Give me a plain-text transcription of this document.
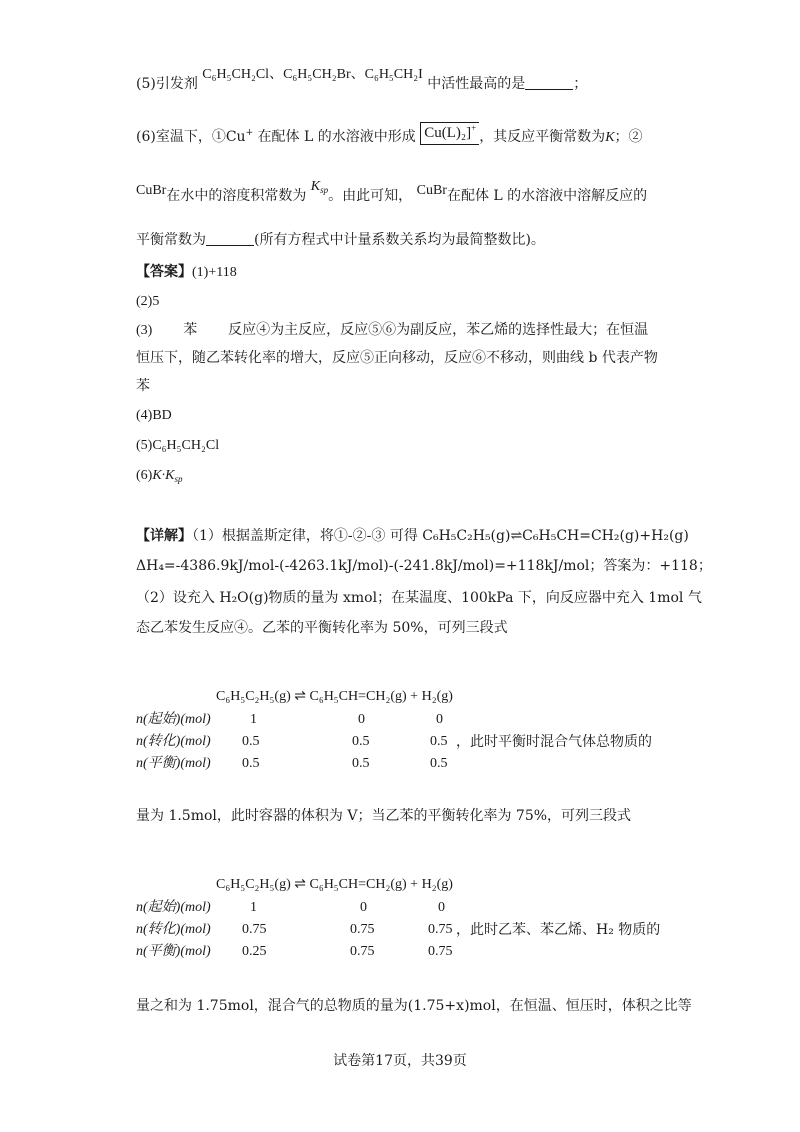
(5)引发剂 C₆H₅CH₂Cl、C₆H₅CH₂Br、C₆H₅CH₂I 中活性最高的是	；
(6)室温下，①Cu+ 在配体 L 的水溶液中形成 Cu(L)₂]+，其反应平衡常数为K；②
CuBr在水中的溶度积常数为 $K_{sp}$。由此可知， CuBr在配体 L 的水溶液中溶解反应的
平衡常数为	(所有方程式中计量系数关系均为最简整数比)。
【答案】(1)+118
(2)5
(3) 苯 反应④为主反应，反应⑤⑥为副反应，苯乙烯的选择性最大；在恒温
恒压下，随乙苯转化率的增大，反应⑤正向移动，反应⑥不移动，则曲线 b 代表产物
苯
(4)BD
(5)C₆H₅CH₂Cl
$(6)K\cdot K_{sp}$
【详解】（1）根据盖斯定律，将①-②-③ 可得 C₆H₅C₂H₅(g)⇌C₆H₅CH=CH₂(g)+H₂(g)
ΔH₄=-4386.9kJ/mol-(-4263.1kJ/mol)-(-241.8kJ/mol)=+118kJ/mol；答案为：+118；
（2）设充入 H₂O(g)物质的量为 xmol；在某温度、100kPa 下，向反应器中充入 1mol 气
态乙苯发生反应④。乙苯的平衡转化率为 50%，可列三段式
C₆H₅C₂H₅(g) ⇌ C₆H₅CH=CH₂(g) + H₂(g)
n(起始)(mol)	1	0	0
n(转化)(mol) 0.5	0.5	0.5 ，此时平衡时混合气体总物质的
n(平衡)(mol) 0.5	0.5	0.5
量为 1.5mol，此时容器的体积为 V；当乙苯的平衡转化率为 75%，可列三段式
C₆H₅C₂H₅(g) ⇌ C₆H₅CH=CH₂(g) + H₂(g)
n(起始)(mol)	1	0	0
n(转化)(mol) 0.75	0.75	0.75 ，此时乙苯、苯乙烯、H₂ 物质的
n(平衡)(mol) 0.25	0.75	0.75
量之和为 1.75mol，混合气的总物质的量为(1.75+x)mol，在恒温、恒压时，体积之比等
试卷第17页，共39页
